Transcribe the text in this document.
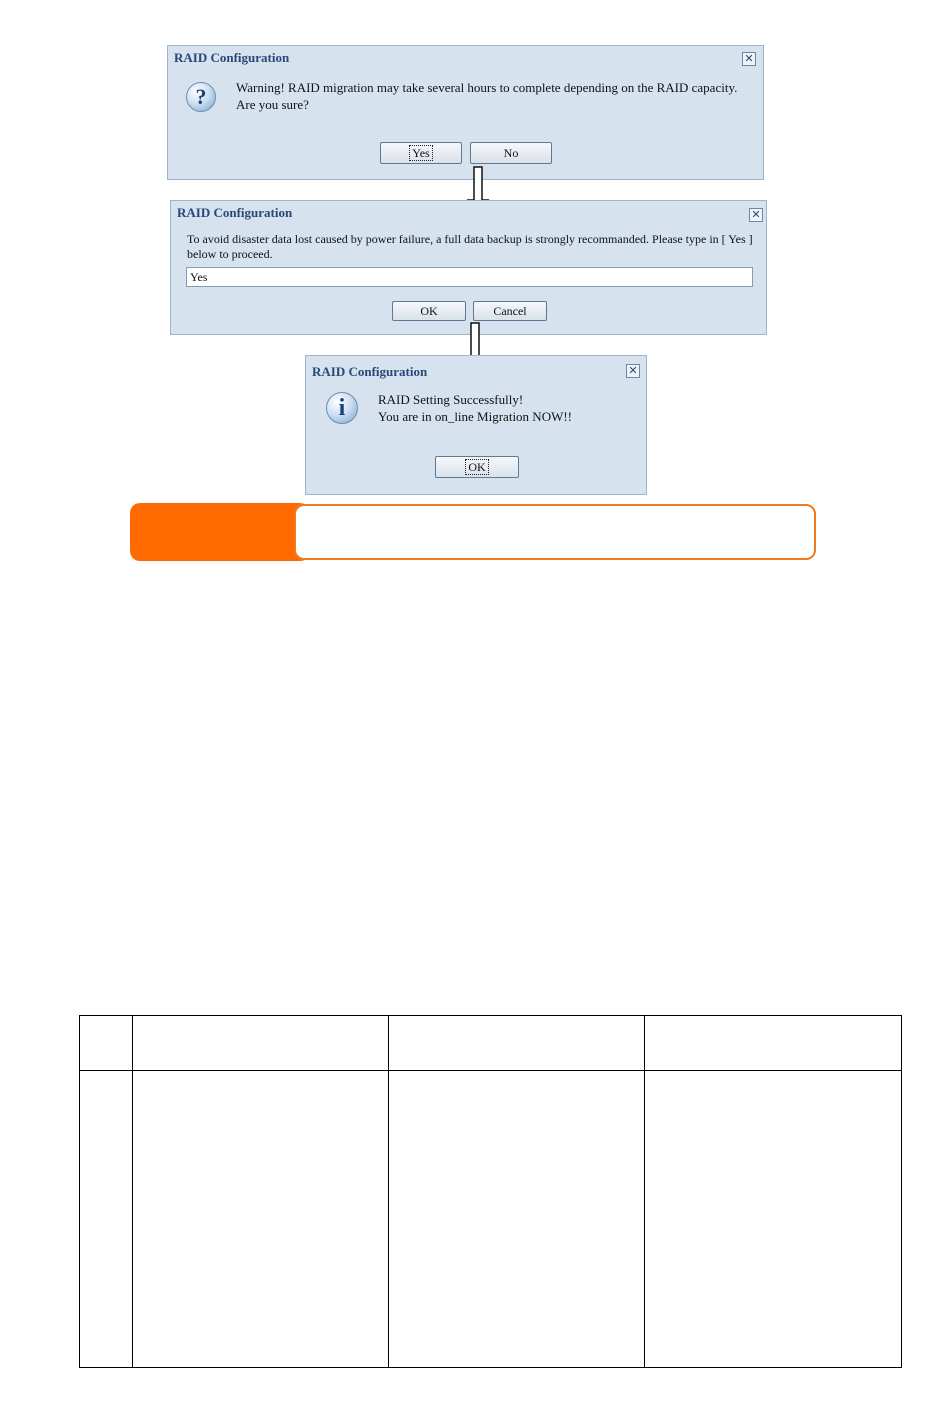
RAID Configuration	✕
?	Warning! RAID migration may take several hours to complete depending on the RAID capacity.
Are you sure?
Yes	No
RAID Configuration	✕
To avoid disaster data lost caused by power failure, a full data backup is strongly recommanded. Please type in [ Yes ]
below to proceed.
Yes
OK	Cancel
RAID Configuration	✕
i	RAID Setting Successfully!
You are in on_line Migration NOW!!
OK
